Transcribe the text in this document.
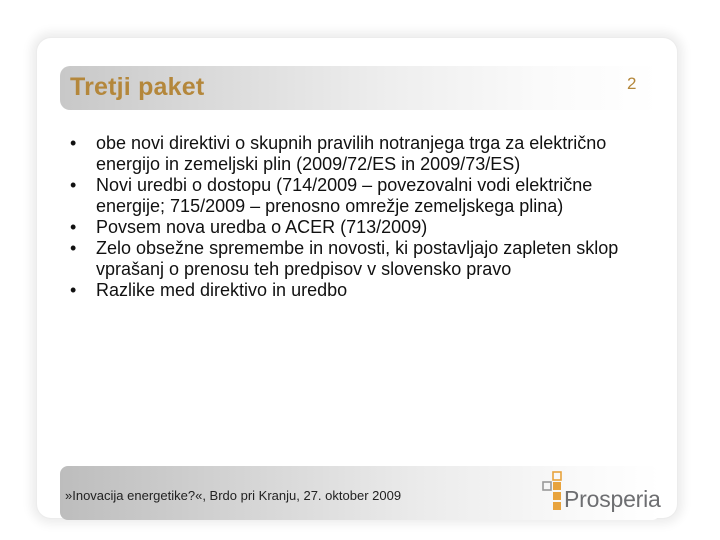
Tretji paket	2
•	obe novi direktivi o skupnih pravilih notranjega trga za električno energijo in zemeljski plin (2009/72/ES in 2009/73/ES)
•	Novi uredbi o dostopu (714/2009 – povezovalni vodi električne energije; 715/2009 – prenosno omrežje zemeljskega plina)
•	Povsem nova uredba o ACER (713/2009)
•	Zelo obsežne spremembe in novosti, ki postavljajo zapleten sklop vprašanj o prenosu teh predpisov v slovensko pravo
•	Razlike med direktivo in uredbo
»Inovacija energetike?«, Brdo pri Kranju, 27. oktober 2009	Prosperia
